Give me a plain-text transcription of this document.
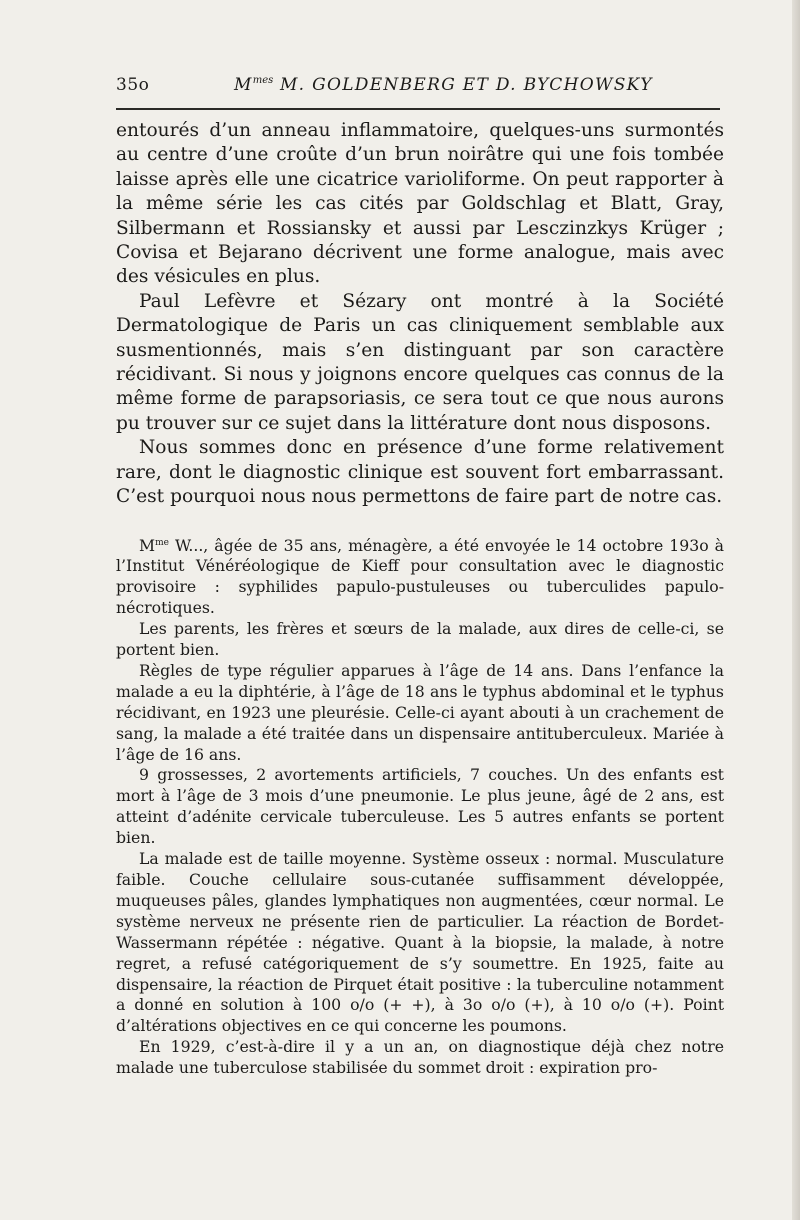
35o	$M^{mes}$ M. GOLDENBERG ET D. BYCHOWSKY

entourés d’un anneau inflammatoire, quelques-uns surmontés au centre d’une croûte d’un brun noirâtre qui une fois tombée laisse après elle une cicatrice varioliforme. On peut rapporter à la même série les cas cités par Goldschlag et Blatt, Gray, Silbermann et Rossiansky et aussi par Lesczinzkys Krüger ; Covisa et Bejarano décrivent une forme analogue, mais avec des vésicules en plus.

Paul Lefèvre et Sézary ont montré à la Société Dermatologique de Paris un cas cliniquement semblable aux susmentionnés, mais s’en distinguant par son caractère récidivant. Si nous y joignons encore quelques cas connus de la même forme de parapsoriasis, ce sera tout ce que nous aurons pu trouver sur ce sujet dans la littérature dont nous disposons.

Nous sommes donc en présence d’une forme relativement rare, dont le diagnostic clinique est souvent fort embarrassant. C’est pourquoi nous nous permettons de faire part de notre cas.

$M^{me}$ W..., âgée de 35 ans, ménagère, a été envoyée le 14 octobre 193o à l’Institut Vénéréologique de Kieff pour consultation avec le diagnostic provisoire : syphilides papulo-pustuleuses ou tuberculides papulo-nécrotiques.

Les parents, les frères et sœurs de la malade, aux dires de celle-ci, se portent bien.

Règles de type régulier apparues à l’âge de 14 ans. Dans l’enfance la malade a eu la diphtérie, à l’âge de 18 ans le typhus abdominal et le typhus récidivant, en 1923 une pleurésie. Celle-ci ayant abouti à un crachement de sang, la malade a été traitée dans un dispensaire antituberculeux. Mariée à l’âge de 16 ans.

9 grossesses, 2 avortements artificiels, 7 couches. Un des enfants est mort à l’âge de 3 mois d’une pneumonie. Le plus jeune, âgé de 2 ans, est atteint d’adénite cervicale tuberculeuse. Les 5 autres enfants se portent bien.

La malade est de taille moyenne. Système osseux : normal. Musculature faible. Couche cellulaire sous-cutanée suffisamment développée, muqueuses pâles, glandes lymphatiques non augmentées, cœur normal. Le système nerveux ne présente rien de particulier. La réaction de Bordet-Wassermann répétée : négative. Quant à la biopsie, la malade, à notre regret, a refusé catégoriquement de s’y soumettre. En 1925, faite au dispensaire, la réaction de Pirquet était positive : la tuberculine notamment a donné en solution à 100 o/o (+ +), à 3o o/o (+), à 10 o/o (+). Point d’altérations objectives en ce qui concerne les poumons.

En 1929, c’est-à-dire il y a un an, on diagnostique déjà chez notre malade une tuberculose stabilisée du sommet droit : expiration pro-
